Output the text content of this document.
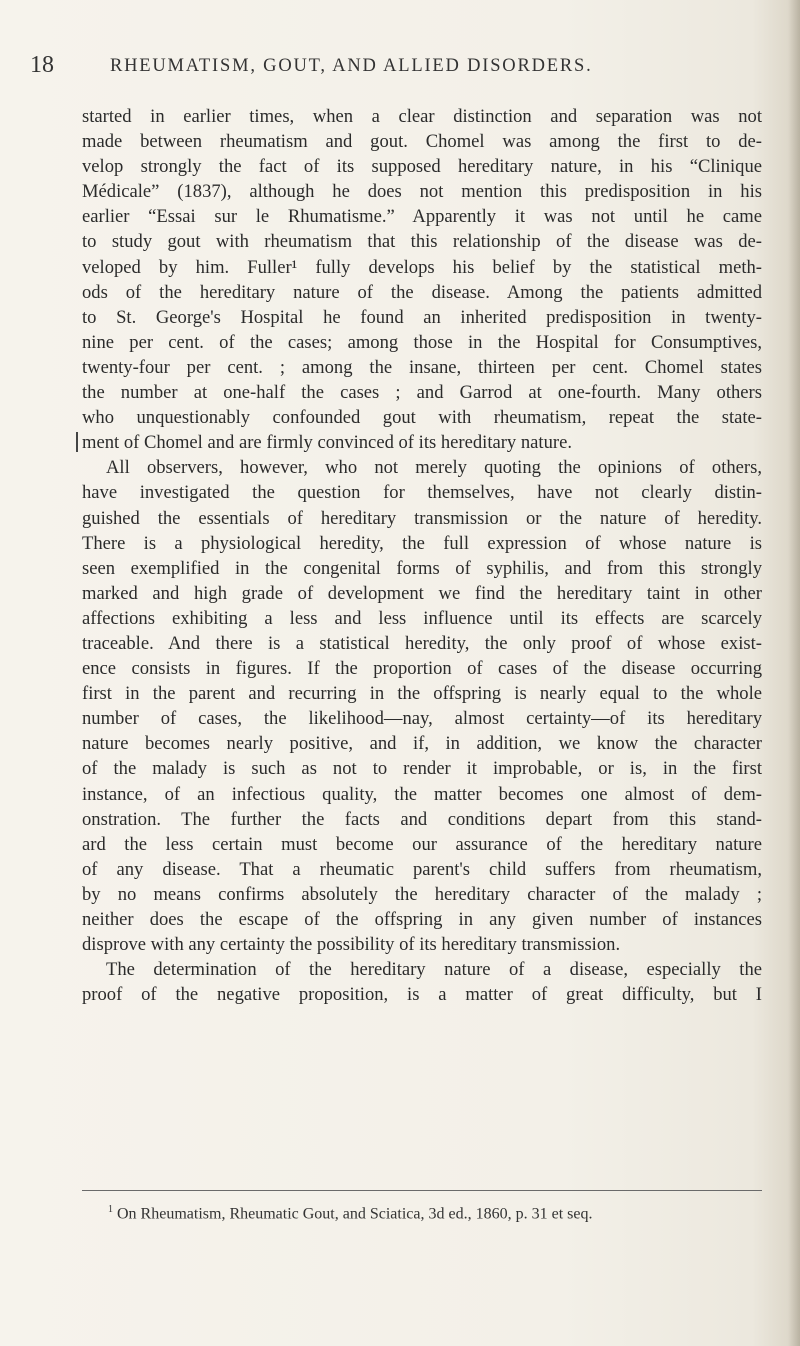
18	RHEUMATISM, GOUT, AND ALLIED DISORDERS.
started in earlier times, when a clear distinction and separation was not
made between rheumatism and gout. Chomel was among the first to de-
velop strongly the fact of its supposed hereditary nature, in his “Clinique
Médicale” (1837), although he does not mention this predisposition in his
earlier “Essai sur le Rhumatisme.” Apparently it was not until he came
to study gout with rheumatism that this relationship of the disease was de-
veloped by him. Fuller¹ fully develops his belief by the statistical meth-
ods of the hereditary nature of the disease. Among the patients admitted
to St. George's Hospital he found an inherited predisposition in twenty-
nine per cent. of the cases; among those in the Hospital for Consumptives,
twenty-four per cent. ; among the insane, thirteen per cent. Chomel states
the number at one-half the cases ; and Garrod at one-fourth. Many others
who unquestionably confounded gout with rheumatism, repeat the state-
ment of Chomel and are firmly convinced of its hereditary nature.
All observers, however, who not merely quoting the opinions of others,
have investigated the question for themselves, have not clearly distin-
guished the essentials of hereditary transmission or the nature of heredity.
There is a physiological heredity, the full expression of whose nature is
seen exemplified in the congenital forms of syphilis, and from this strongly
marked and high grade of development we find the hereditary taint in other
affections exhibiting a less and less influence until its effects are scarcely
traceable. And there is a statistical heredity, the only proof of whose exist-
ence consists in figures. If the proportion of cases of the disease occurring
first in the parent and recurring in the offspring is nearly equal to the whole
number of cases, the likelihood—nay, almost certainty—of its hereditary
nature becomes nearly positive, and if, in addition, we know the character
of the malady is such as not to render it improbable, or is, in the first
instance, of an infectious quality, the matter becomes one almost of dem-
onstration. The further the facts and conditions depart from this stand-
ard the less certain must become our assurance of the hereditary nature
of any disease. That a rheumatic parent's child suffers from rheumatism,
by no means confirms absolutely the hereditary character of the malady ;
neither does the escape of the offspring in any given number of instances
disprove with any certainty the possibility of its hereditary transmission.
The determination of the hereditary nature of a disease, especially the
proof of the negative proposition, is a matter of great difficulty, but I
$^1$ On Rheumatism, Rheumatic Gout, and Sciatica, 3d ed., 1860, p. 31 et seq.
